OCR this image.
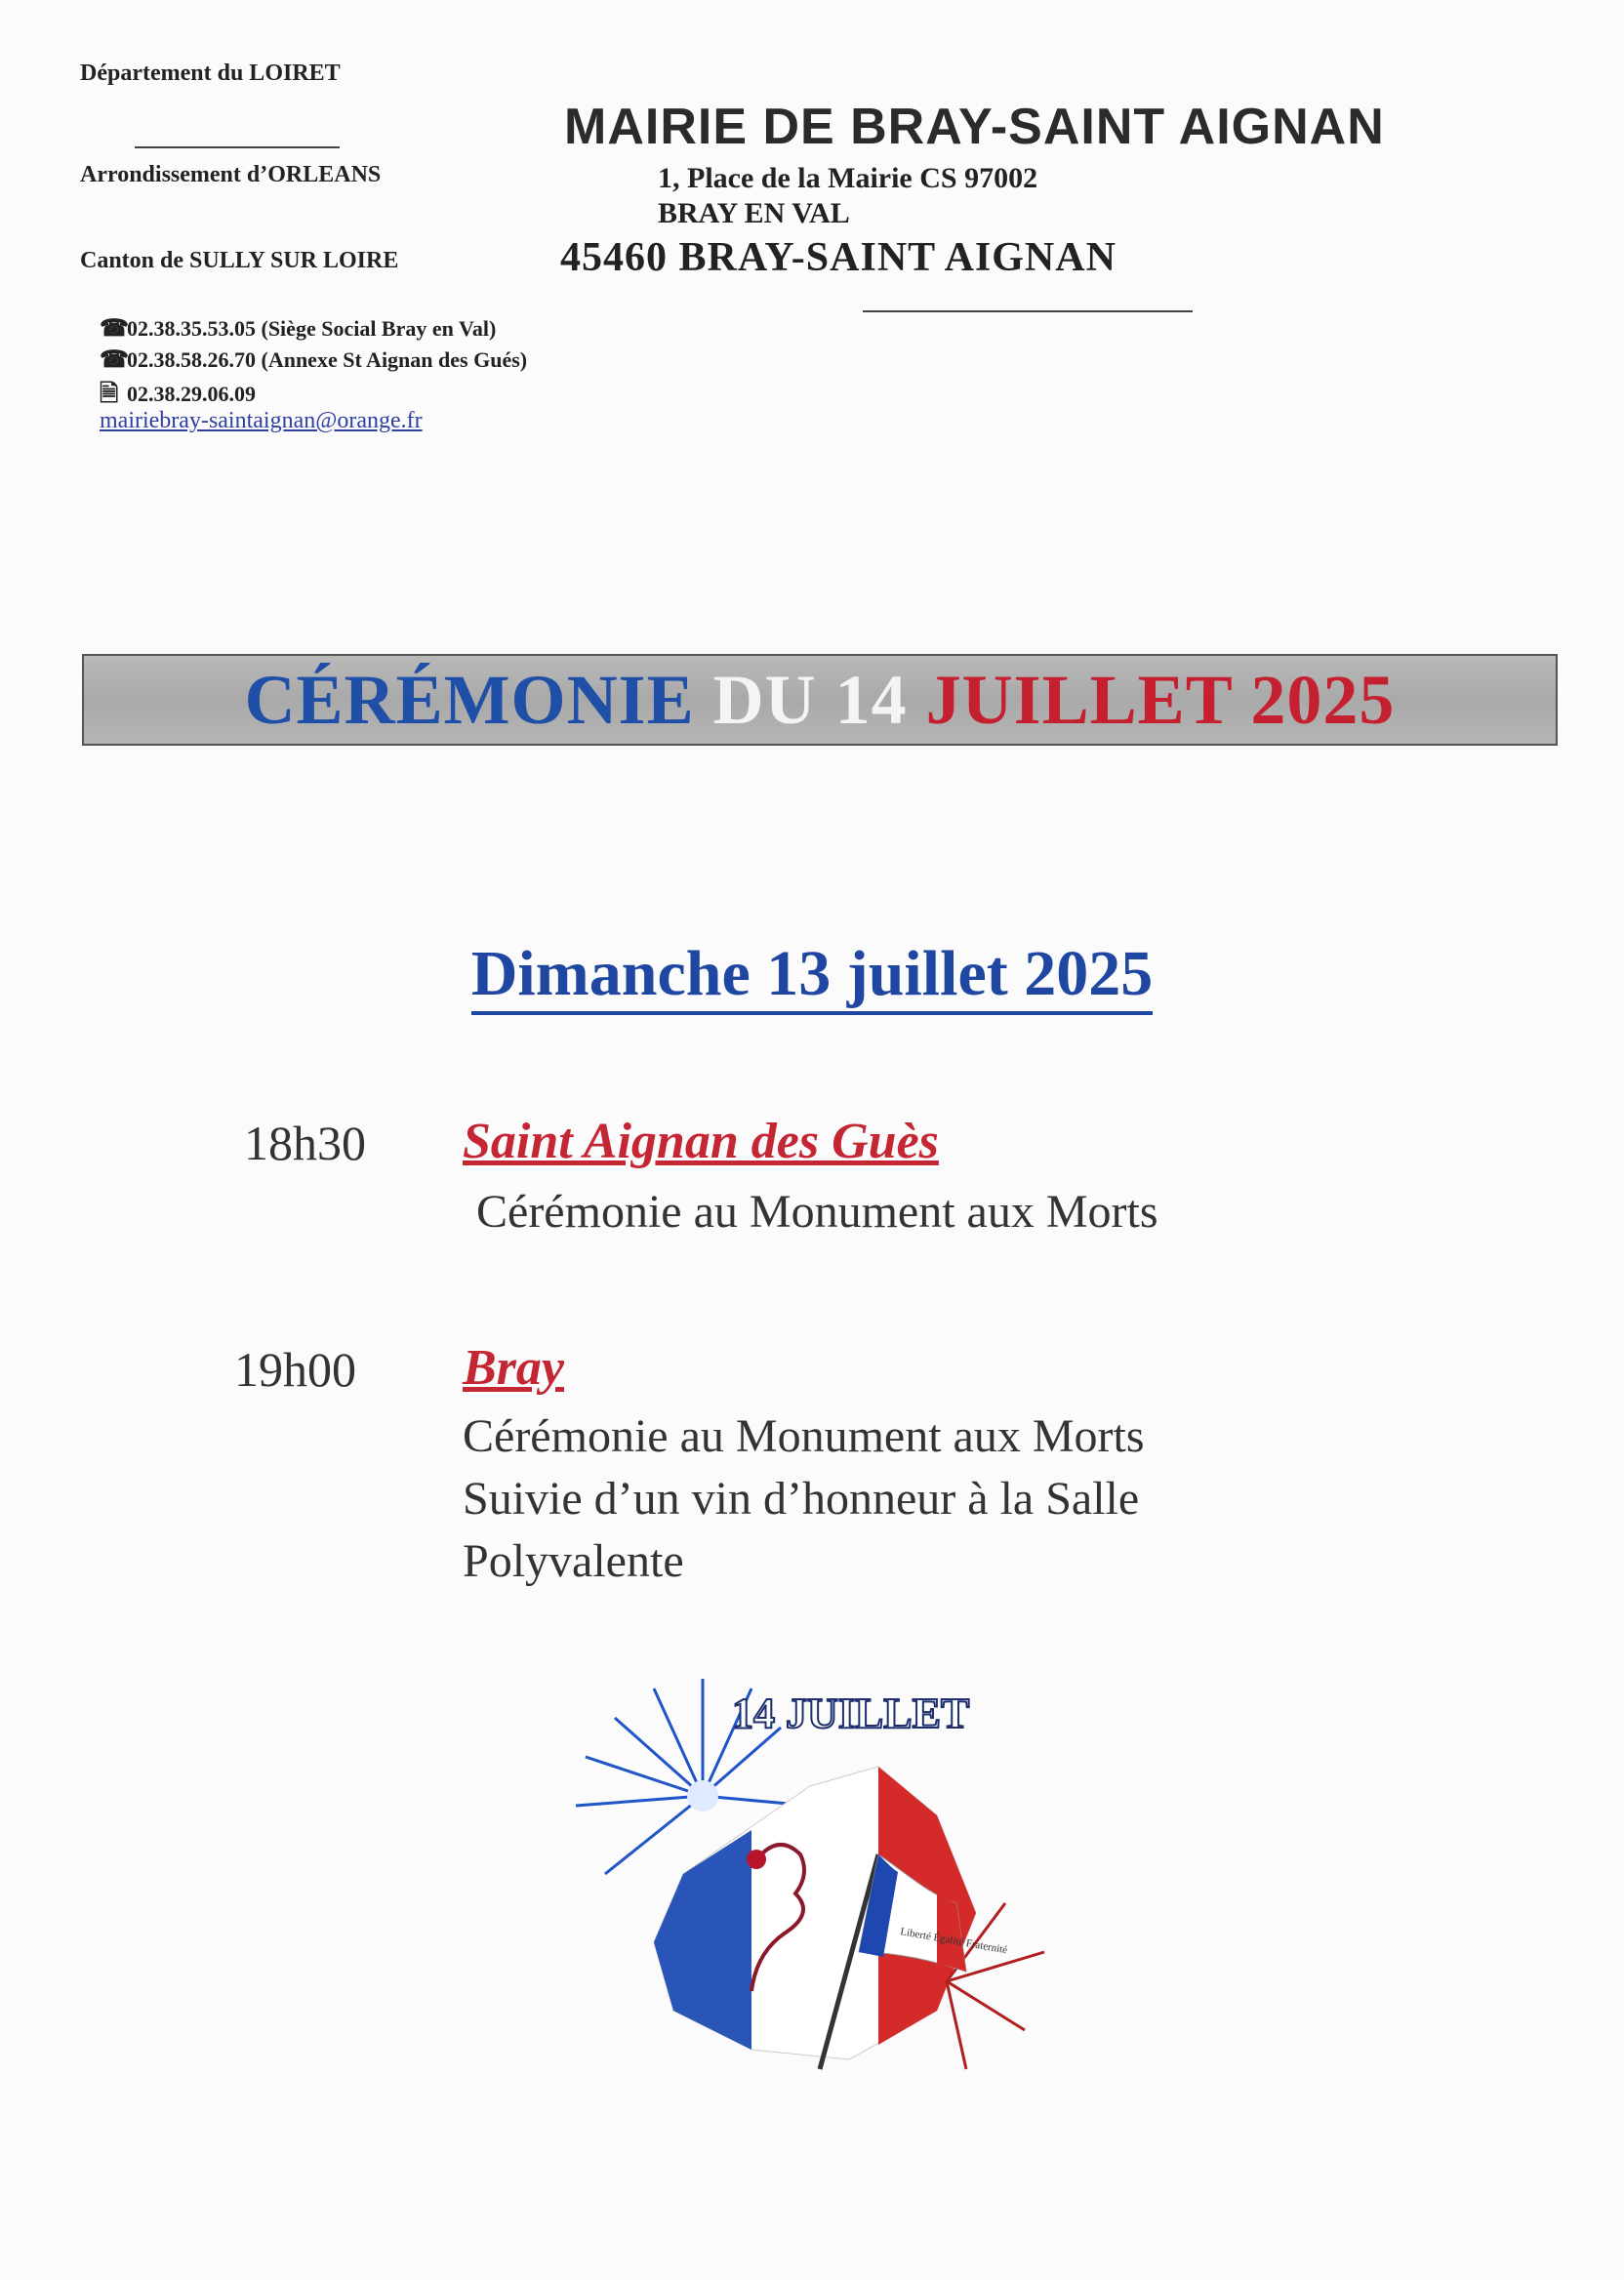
Département du LOIRET
Arrondissement d’ORLEANS
Canton de SULLY SUR LOIRE
MAIRIE DE BRAY-SAINT AIGNAN
1, Place de la Mairie CS 97002
BRAY EN VAL
45460 BRAY-SAINT AIGNAN
☎02.38.35.53.05 (Siège Social Bray en Val)
☎02.38.58.26.70 (Annexe St Aignan des Gués)
🗎 02.38.29.06.09
mairiebray-saintaignan@orange.fr
CÉRÉMONIE
DU 14
JUILLET 2025
Dimanche 13 juillet 2025
18h30 Saint Aignan des Guès
Cérémonie au Monument aux Morts
19h00 Bray
Cérémonie au Monument aux Morts
Suivie d’un vin d’honneur à la Salle
Polyvalente
Liberté Égalité Fraternité
14 JUILLET
